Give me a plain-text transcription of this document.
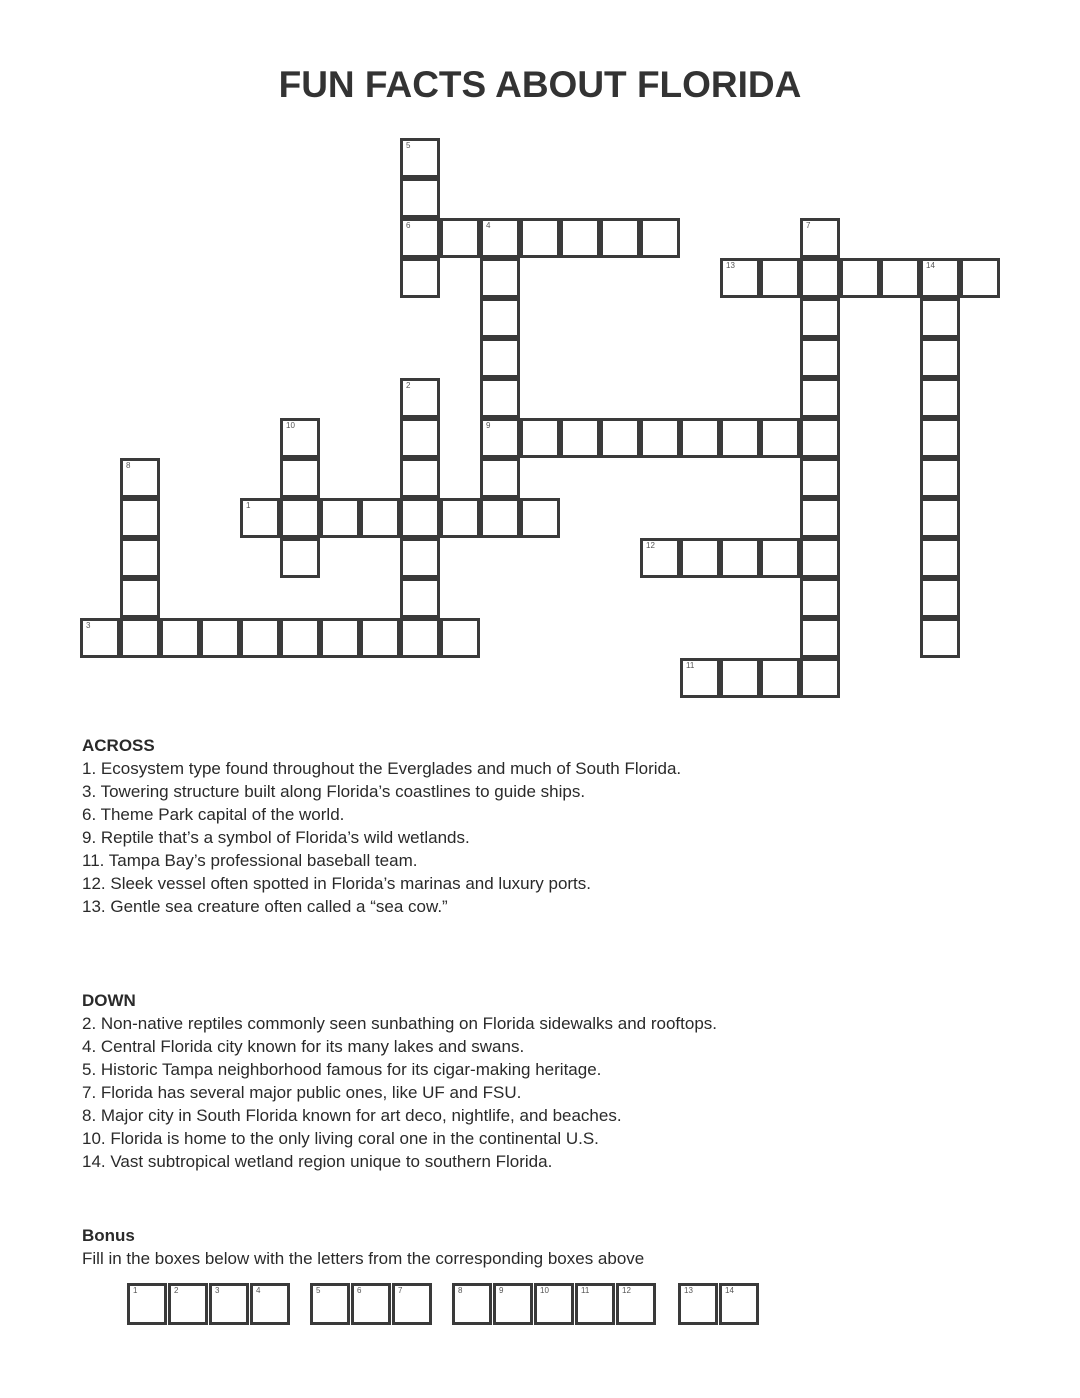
FUN FACTS ABOUT FLORIDA
5
6	4
9
7
13	14
2
10
8
1
12
3
11
ACROSS
1. Ecosystem type found throughout the Everglades and much of South Florida.
3. Towering structure built along Florida’s coastlines to guide ships.
6. Theme Park capital of the world.
9. Reptile that’s a symbol of Florida’s wild wetlands.
11. Tampa Bay’s professional baseball team.
12. Sleek vessel often spotted in Florida’s marinas and luxury ports.
13. Gentle sea creature often called a “sea cow.”
DOWN
2. Non-native reptiles commonly seen sunbathing on Florida sidewalks and rooftops.
4. Central Florida city known for its many lakes and swans.
5. Historic Tampa neighborhood famous for its cigar-making heritage.
7. Florida has several major public ones, like UF and FSU.
8. Major city in South Florida known for art deco, nightlife, and beaches.
10. Florida is home to the only living coral one in the continental U.S.
14. Vast subtropical wetland region unique to southern Florida.
Bonus
Fill in the boxes below with the letters from the corresponding boxes above
1	2	3	4	5	6	7	8	9	10	11	12	13	14
